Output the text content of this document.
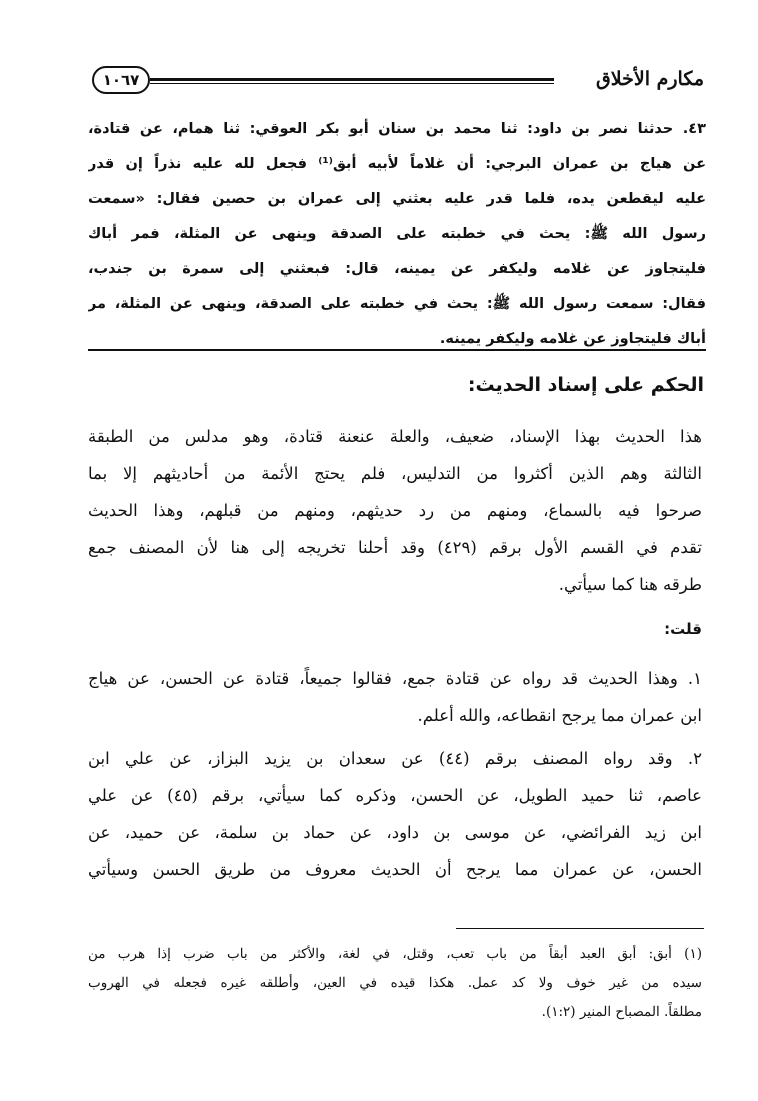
مكارم الأخلاق
١٠٦٧
٤٣. حدثنا نصر بن داود: ثنا محمد بن سنان أبو بكر العوقي: ثنا همام، عن قتادة،
عن هياج بن عمران البرجي: أن غلاماً لأبيه أبق⁽¹⁾ فجعل لله عليه نذراً إن قدر
عليه ليقطعن يده، فلما قدر عليه بعثني إلى عمران بن حصين فقال: «سمعت
رسول الله ﷺ: يحث في خطبته على الصدقة وينهى عن المثلة، فمر أباك
فليتجاوز عن غلامه وليكفر عن يمينه، قال: فبعثني إلى سمرة بن جندب،
فقال: سمعت رسول الله ﷺ: يحث في خطبته على الصدقة، وينهى عن المثلة، مر
أباك فليتجاوز عن غلامه وليكفر يمينه.
الحكم على إسناد الحديث:
هذا الحديث بهذا الإسناد، ضعيف، والعلة عنعنة قتادة، وهو مدلس من الطبقة
الثالثة وهم الذين أكثروا من التدليس، فلم يحتج الأئمة من أحاديثهم إلا بما
صرحوا فيه بالسماع، ومنهم من رد حديثهم، ومنهم من قبلهم، وهذا الحديث
تقدم في القسم الأول برقم (٤٢٩) وقد أحلنا تخريجه إلى هنا لأن المصنف جمع
طرقه هنا كما سيأتي.
قلت:
١. وهذا الحديث قد رواه عن قتادة جمع، فقالوا جميعاً، قتادة عن الحسن، عن هياج
ابن عمران مما يرجح انقطاعه، والله أعلم.
٢. وقد رواه المصنف برقم (٤٤) عن سعدان بن يزيد البزاز، عن علي ابن
عاصم، ثنا حميد الطويل، عن الحسن، وذكره كما سيأتي، برقم (٤٥) عن علي
ابن زيد الفرائضي، عن موسى بن داود، عن حماد بن سلمة، عن حميد، عن
الحسن، عن عمران مما يرجح أن الحديث معروف من طريق الحسن وسيأتي
(١) أبق: أبق العبد أبقاً من باب تعب، وقتل، في لغة، والأكثر من باب ضرب إذا هرب من
سيده من غير خوف ولا كد عمل. هكذا قيده في العين، وأطلقه غيره فجعله في الهروب
مطلقاً. المصباح المنير (١:٢).
